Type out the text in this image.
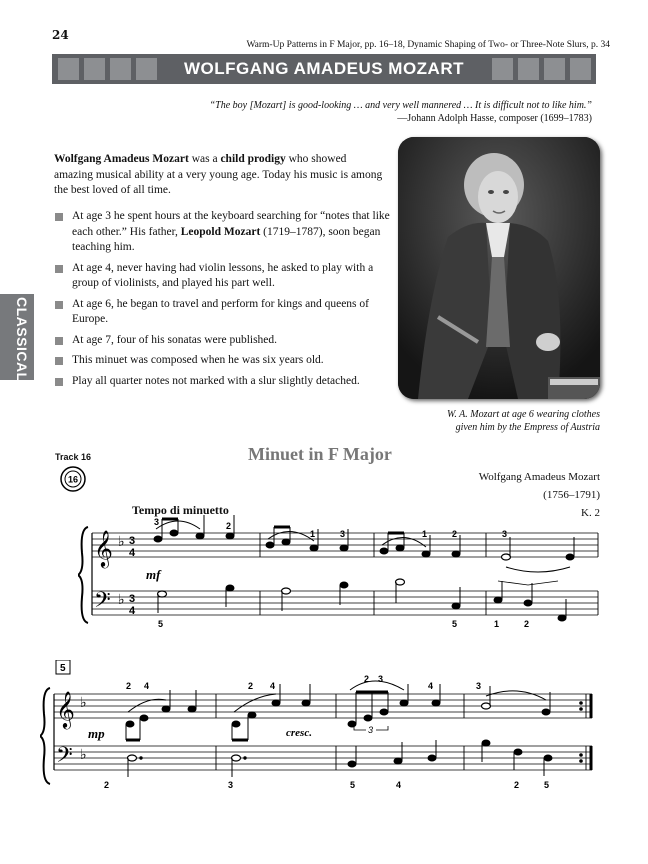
24
Warm-Up Patterns in F Major, pp. 16–18, Dynamic Shaping of Two- or Three-Note Slurs, p. 34
WOLFGANG AMADEUS MOZART
“The boy [Mozart] is good-looking … and very well mannered … It is difficult not to like him.”
—Johann Adolph Hasse, composer (1699–1783)
Wolfgang Amadeus Mozart was a child prodigy who showed amazing musical ability at a very young age. Today his music is among the best loved of all time.
At age 3 he spent hours at the keyboard searching for “notes that like each other.” His father, Leopold Mozart (1719–1787), soon began teaching him.
At age 4, never having had violin lessons, he asked to play with a group of violinists, and played his part well.
At age 6, he began to travel and perform for kings and queens of Europe.
At age 7, four of his sonatas were published.
This minuet was composed when he was six years old.
Play all quarter notes not marked with a slur slightly detached.
W. A. Mozart at age 6 wearing clothes
given him by the Empress of Austria
CLASSICAL
Track 16
16
Minuet in F Major
Wolfgang Amadeus Mozart
(1756–1791)
K. 2
Tempo di minuetto
𝄞
𝄢
♭
♭
3
4
3
4
mf
3	2
1	3	1	2	3
5	5	1	2
5
𝄞
𝄢
♭
♭
3
mp	cresc.
2 4	2 4
2 3
4	3
2	3	5	4	2	5
